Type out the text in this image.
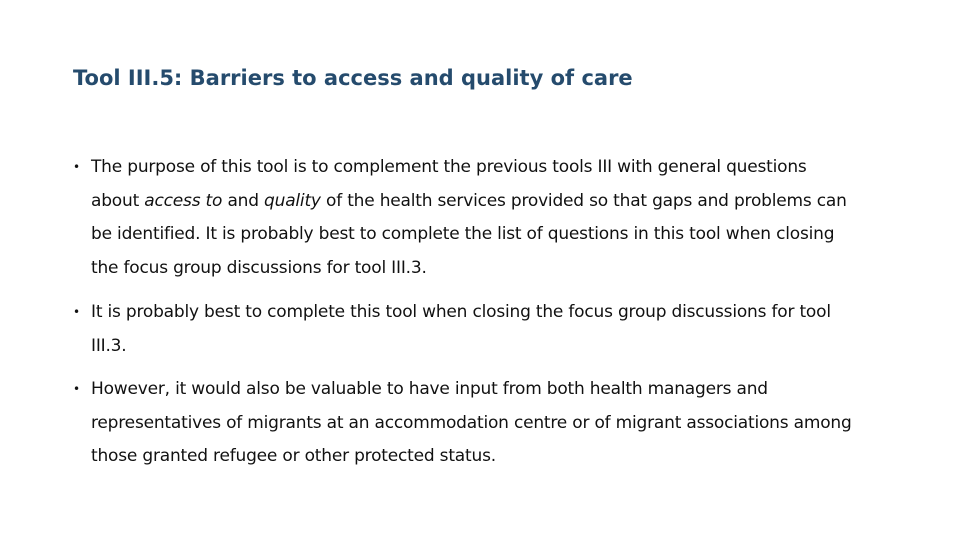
Tool III.5: Barriers to access and quality of care
• The purpose of this tool is to complement the previous tools III with general questions
about access to and quality of the health services provided so that gaps and problems can
be identified. It is probably best to complete the list of questions in this tool when closing
the focus group discussions for tool III.3.
• It is probably best to complete this tool when closing the focus group discussions for tool
III.3.
• However, it would also be valuable to have input from both health managers and
representatives of migrants at an accommodation centre or of migrant associations among
those granted refugee or other protected status.
